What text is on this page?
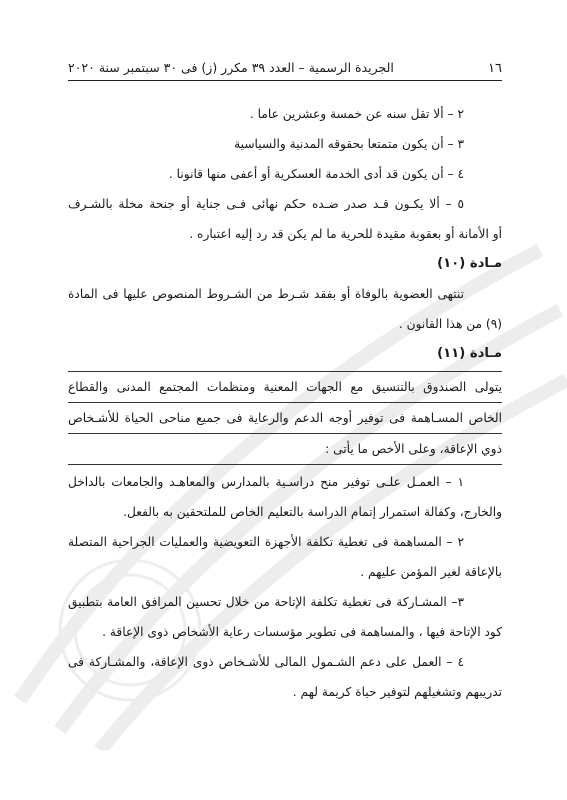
١٦
الجريدة الرسمية – العدد ٣٩ مكرر (ز) فى ٣٠ سبتمبر سنة ٢٠٢٠
٢ – ألا تقل سنه عن خمسة وعشرين عاما .
٣ – أن يكون متمتعا بحقوقه المدنية والسياسية
٤ – أن يكون قد أدى الخدمة العسكرية أو أعفى منها قانونا .
٥ – ألا يكـون قـد صدر ضـده حكم نهائى فـى جناية أو جنحة مخلة بالشـرف
أو الأمانة أو بعقوبة مقيدة للحرية ما لم يكن قد رد إليه اعتباره .
مـادة (١٠)
تنتهى العضوية بالوفاة أو بفقد شـرط من الشـروط المنصوص عليها فى المادة
(٩) من هذا القانون .
مـادة (١١)
يتولى الصندوق بالتنسيق مع الجهات المعنية ومنظمات المجتمع المدنى والقطاع
الخاص المسـاهمة فى توفير أوجه الدعم والرعاية فى جميع مناحى الحياة للأشـخاص
ذوي الإعاقة، وعلى الأخص ما يأتى :
١ – العمـل علـى توفير منح دراسـية بالمدارس والمعاهـد والجامعات بالداخل
والخارج، وكفالة استمرار إتمام الدراسة بالتعليم الخاص للملتحقين به بالفعل.
٢ – المساهمة فى تغطية تكلفة الأجهزة التعويضية والعمليات الجراحية المتصلة
بالإعاقة لغير المؤمن عليهم .
٣– المشـاركة فى تغطية تكلفة الإتاحة من خلال تحسين المرافق العامة بتطبيق
كود الإتاحة فيها ، والمساهمة فى تطوير مؤسسات رعاية الأشخاص ذوى الإعاقة .
٤ – العمل على دعم الشـمول المالى للأشـخاص ذوى الإعاقة، والمشـاركة فى
تدريبهم وتشغيلهم لتوفير حياة كريمة لهم .
